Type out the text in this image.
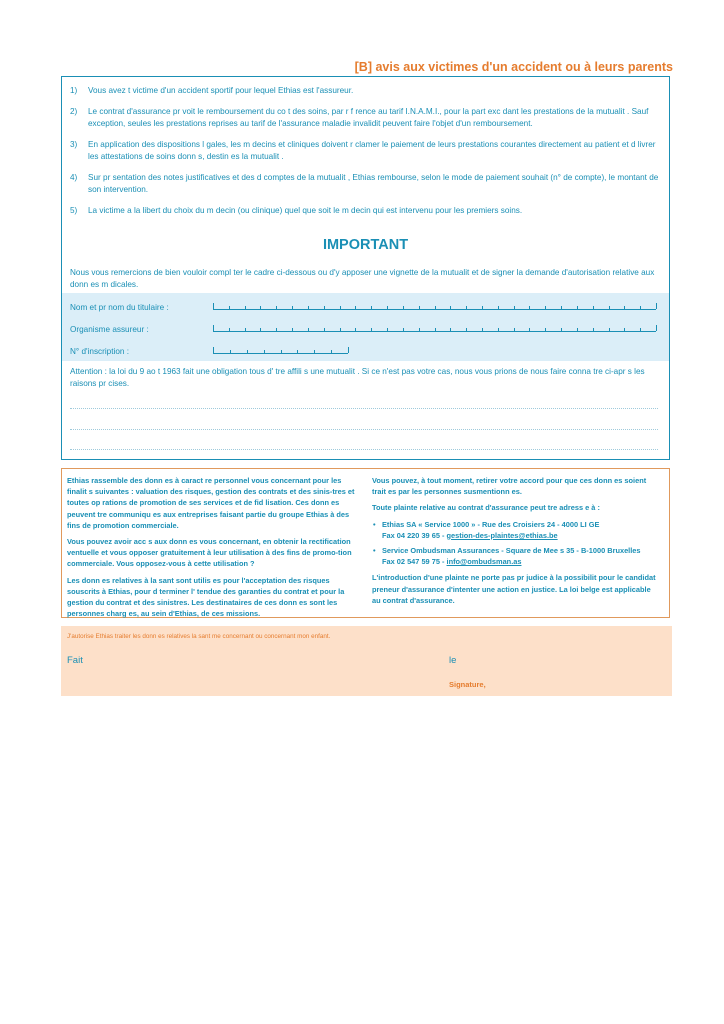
[B] avis aux victimes d'un accident ou à leurs parents
1)	Vous avez t victime d'un accident sportif pour lequel Ethias est l'assureur.
2)	Le contrat d'assurance pr voit le remboursement du co t des soins, par r f rence au tarif I.N.A.M.I., pour la part exc dant les prestations de la mutualit . Sauf exception, seules les prestations reprises au tarif de l'assurance maladie invalidit peuvent faire l'objet d'un remboursement.
3)	En application des dispositions l gales, les m decins et cliniques doivent r clamer le paiement de leurs prestations courantes directement au patient et d livrer les attestations de soins donn s, destin es la mutualit .
4)	Sur pr sentation des notes justificatives et des d comptes de la mutualit , Ethias rembourse, selon le mode de paiement souhait (n° de compte), le montant de son intervention.
5)	La victime a la libert du choix du m decin (ou clinique) quel que soit le m decin qui est intervenu pour les premiers soins.
IMPORTANT
Nous vous remercions de bien vouloir compl ter le cadre ci-dessous ou d'y apposer une vignette de la mutualit et de signer la demande d'autorisation relative aux donn es m dicales.
Nom et pr nom du titulaire :
Organisme assureur :
N° d'inscription :
Attention : la loi du 9 ao t 1963 fait une obligation tous d' tre affili s une mutualit . Si ce n'est pas votre cas, nous vous prions de nous faire conna tre ci-apr s les raisons pr cises.

Ethias rassemble des donn es à caract re personnel vous concernant pour les finalit s suivantes : valuation des risques, gestion des contrats et des sinis-tres et toutes op rations de promotion de ses services et de fid lisation. Ces donn es peuvent tre communiqu es aux entreprises faisant partie du groupe Ethias à des fins de promotion commerciale.

Vous pouvez avoir acc s aux donn es vous concernant, en obtenir la rectification ventuelle et vous opposer gratuitement à leur utilisation à des fins de promo-tion commerciale. Vous opposez-vous à cette utilisation ?

Les donn es relatives à la sant sont utilis es pour l'acceptation des risques souscrits à Ethias, pour d terminer l' tendue des garanties du contrat et pour la gestion du contrat et des sinistres. Les destinataires de ces donn es sont les personnes charg es, au sein d'Ethias, de ces missions.

Vous pouvez, à tout moment, retirer votre accord pour que ces donn es soient trait es par les personnes susmentionn es.

Toute plainte relative au contrat d'assurance peut tre adress e à :

• Ethias SA « Service 1000 » - Rue des Croisiers 24 - 4000 LI GE
Fax 04 220 39 65 - gestion-des-plaintes@ethias.be
• Service Ombudsman Assurances - Square de Mee s 35 - B-1000 Bruxelles
Fax 02 547 59 75 - info@ombudsman.as

L'introduction d'une plainte ne porte pas pr judice à la possibilit pour le candidat preneur d'assurance d'intenter une action en justice. La loi belge est applicable au contrat d'assurance.

J'autorise Ethias traiter les donn es relatives la sant me concernant ou concernant mon enfant.
Fait	le
Signature,
